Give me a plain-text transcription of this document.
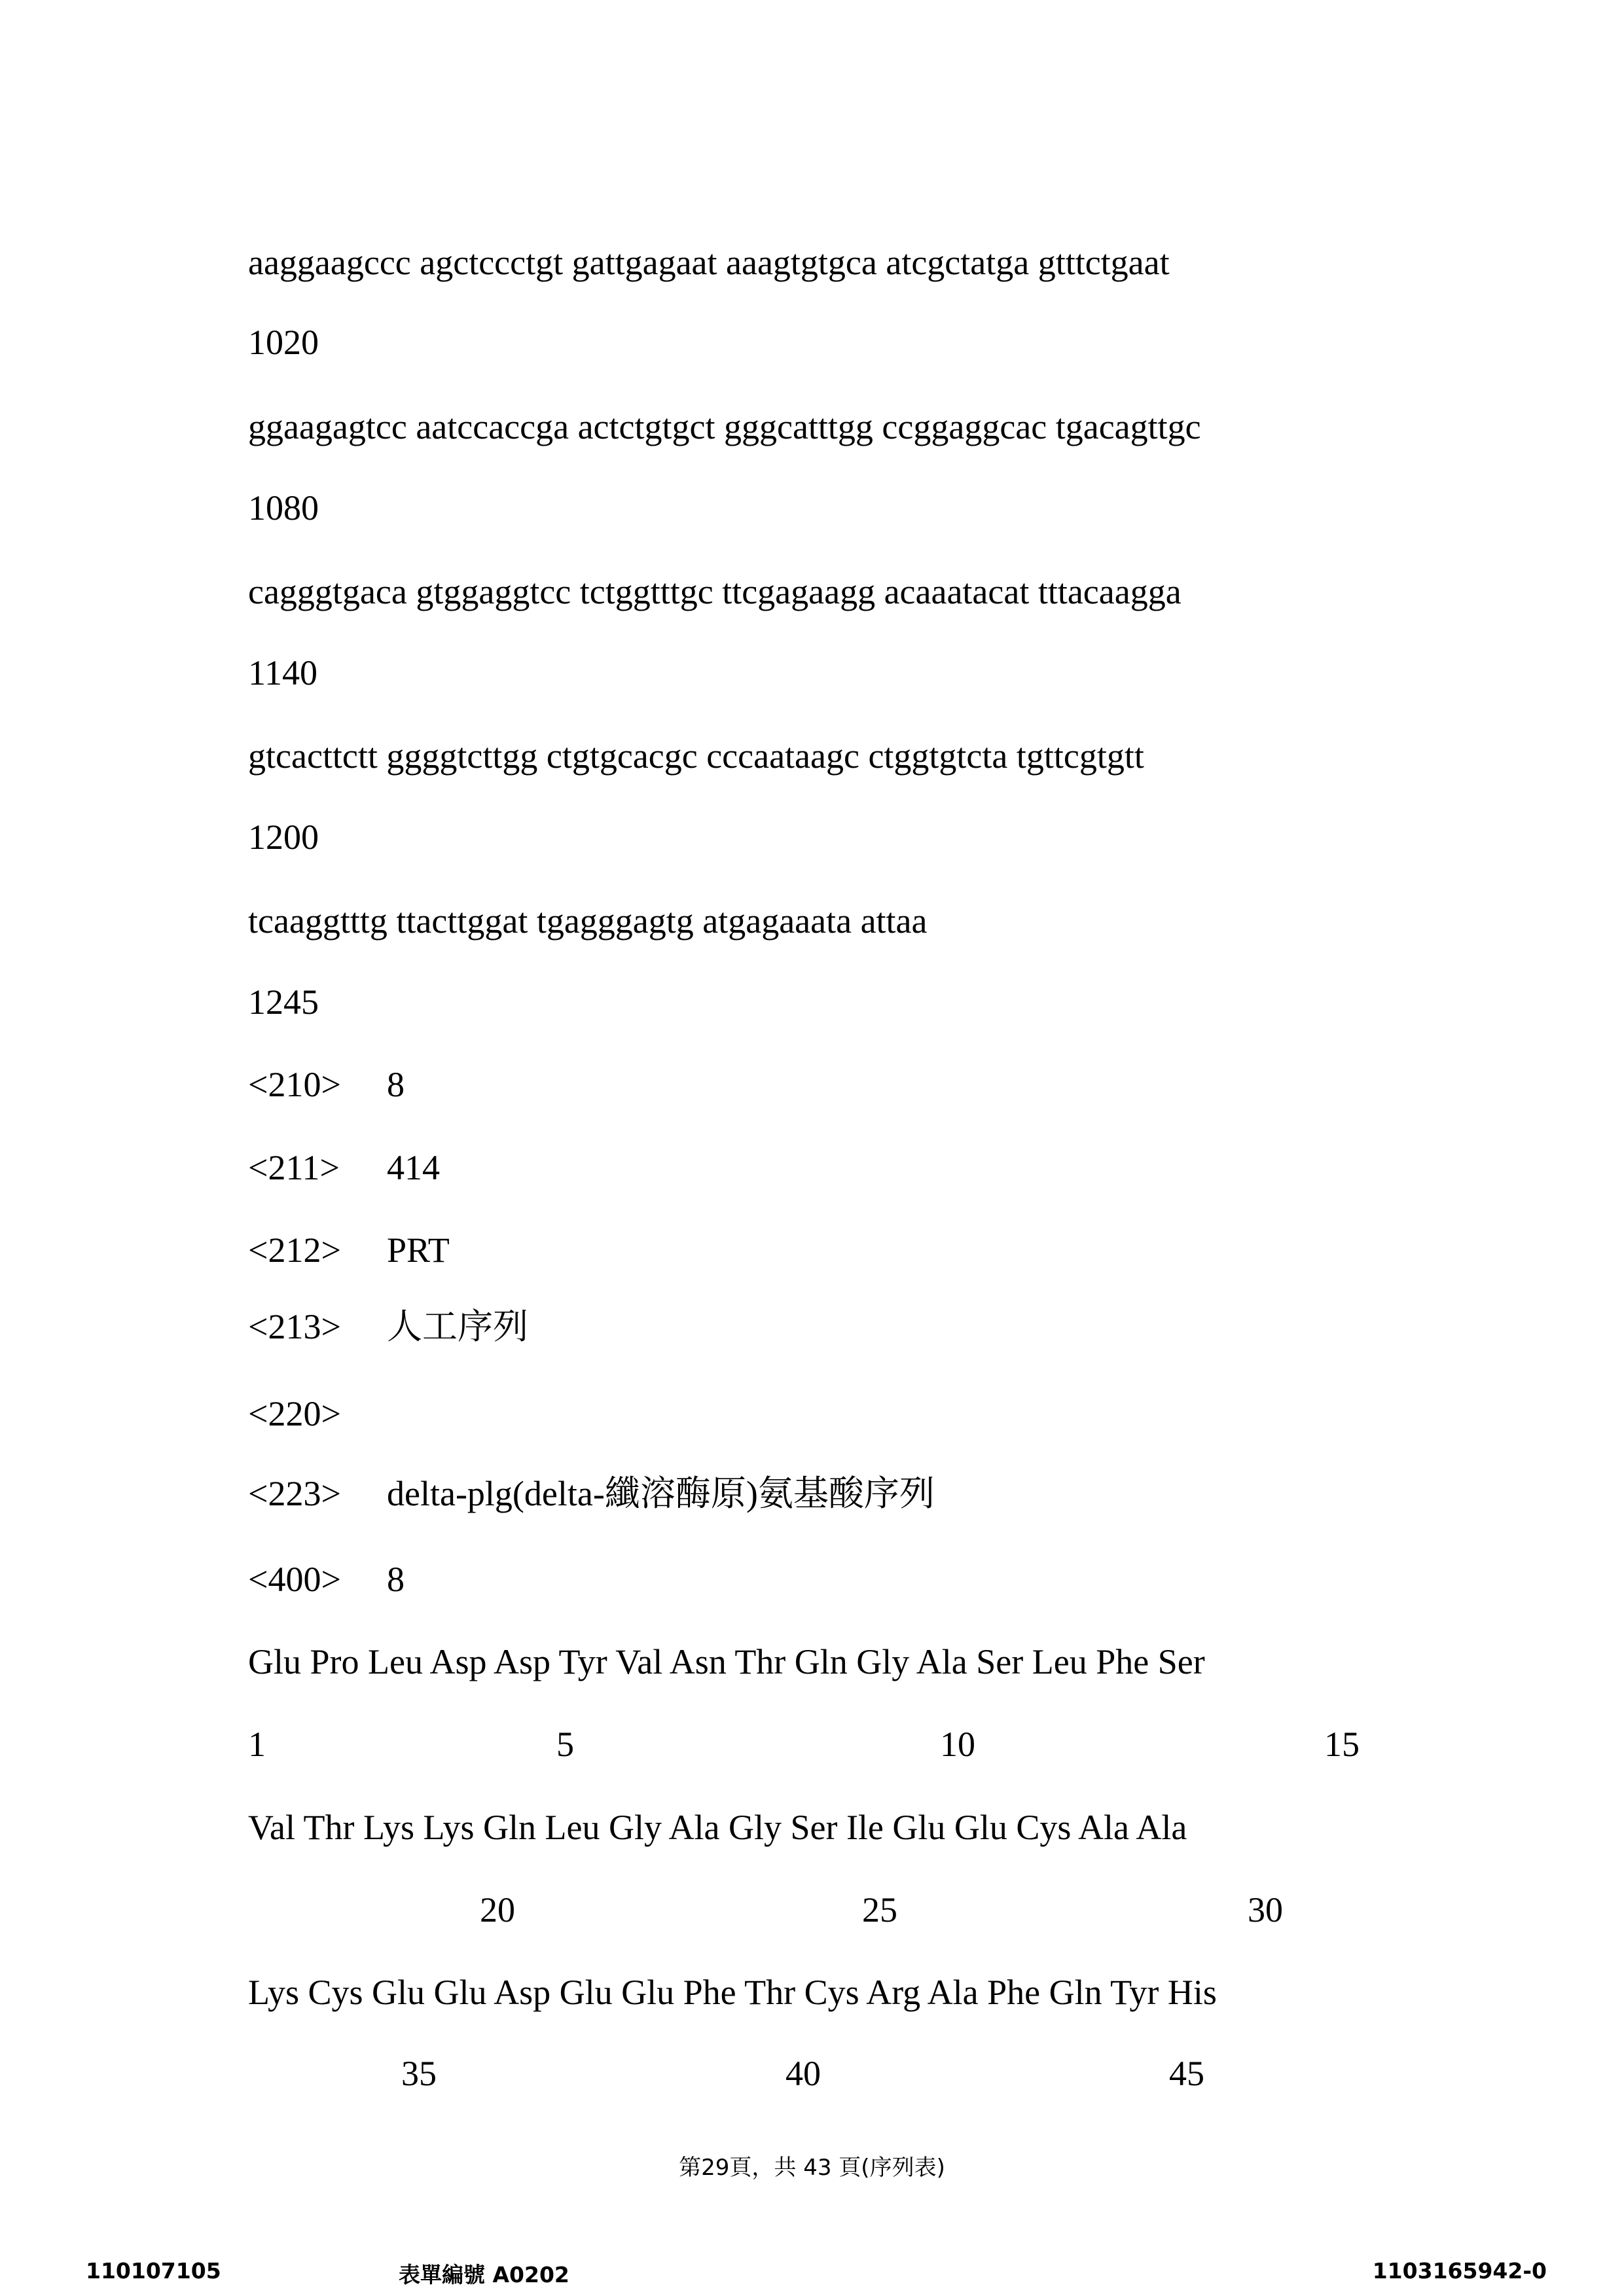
aaggaagccc agctccctgt gattgagaat aaagtgtgca atcgctatga gtttctgaat
1020
ggaagagtcc aatccaccga actctgtgct gggcatttgg ccggaggcac tgacagttgc
1080
cagggtgaca gtggaggtcc tctggtttgc ttcgagaagg acaaatacat tttacaagga
1140
gtcacttctt ggggtcttgg ctgtgcacgc cccaataagc ctggtgtcta tgttcgtgtt
1200
tcaaggtttg ttacttggat tgagggagtg atgagaaata attaa
1245
<210> 8
<211> 414
<212> PRT
<213> 人工序列
<220>
<223> delta-plg(delta-纖溶酶原)氨基酸序列
<400> 8
Glu Pro Leu Asp Asp Tyr Val Asn Thr Gln Gly Ala Ser Leu Phe Ser
1	5	10	15
Val Thr Lys Lys Gln Leu Gly Ala Gly Ser Ile Glu Glu Cys Ala Ala
20	25	30
Lys Cys Glu Glu Asp Glu Glu Phe Thr Cys Arg Ala Phe Gln Tyr His
35	40	45
第29頁，共 43 頁(序列表)
110107105	表單編號 A0202	1103165942-0
